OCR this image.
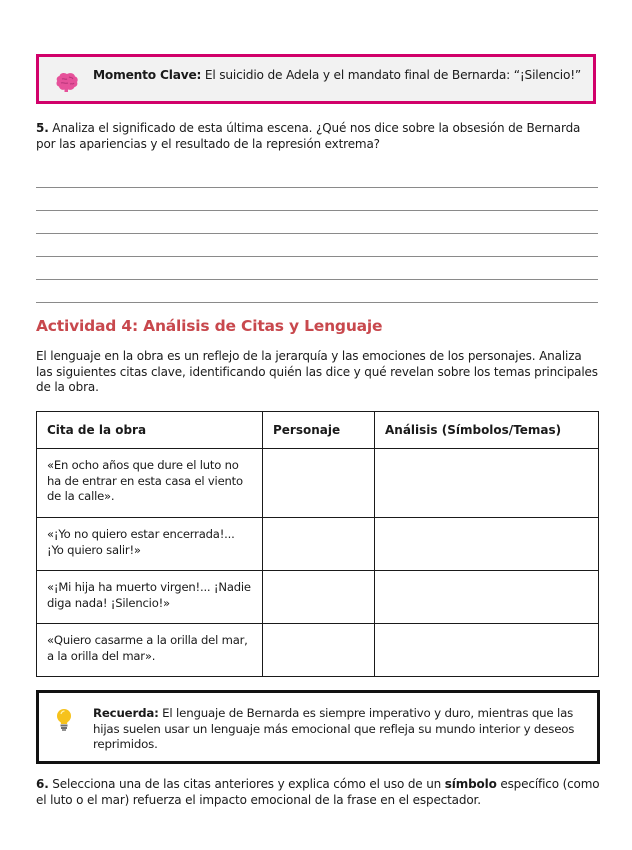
Momento Clave: El suicidio de Adela y el mandato final de Bernarda: “¡Silencio!”
5. Analiza el significado de esta última escena. ¿Qué nos dice sobre la obsesión de Bernarda por las apariencias y el resultado de la represión extrema?
Actividad 4: Análisis de Citas y Lenguaje
El lenguaje en la obra es un reflejo de la jerarquía y las emociones de los personajes. Analiza las siguientes citas clave, identificando quién las dice y qué revelan sobre los temas principales de la obra.
Cita de la obra	Personaje	Análisis (Símbolos/Temas)
«En ocho años que dure el luto no ha de entrar en esta casa el viento de la calle».		
«¡Yo no quiero estar encerrada!... ¡Yo quiero salir!»		
«¡Mi hija ha muerto virgen!... ¡Nadie diga nada! ¡Silencio!»		
«Quiero casarme a la orilla del mar, a la orilla del mar».		
Recuerda: El lenguaje de Bernarda es siempre imperativo y duro, mientras que las hijas suelen usar un lenguaje más emocional que refleja su mundo interior y deseos reprimidos.
6. Selecciona una de las citas anteriores y explica cómo el uso de un símbolo específico (como el luto o el mar) refuerza el impacto emocional de la frase en el espectador.
